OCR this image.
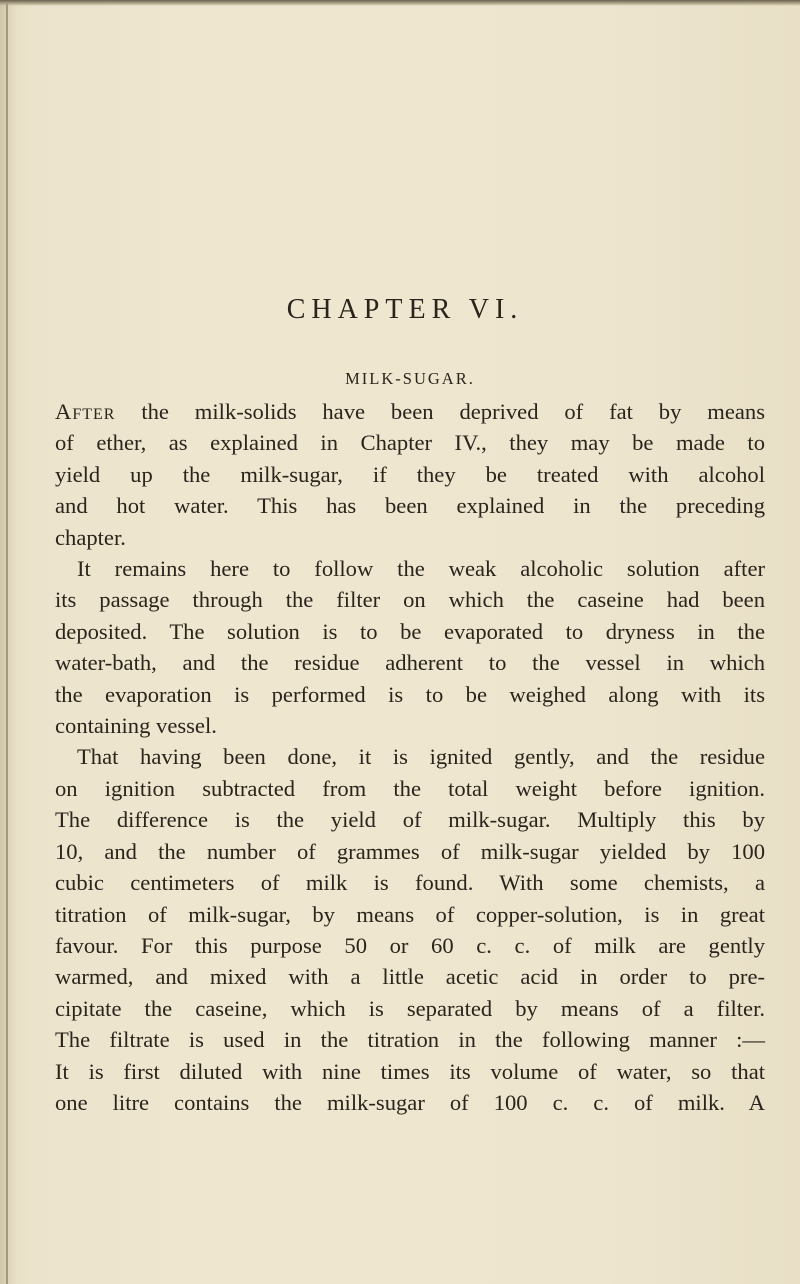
CHAPTER VI.
MILK-SUGAR.
After the milk-solids have been deprived of fat by means
of ether, as explained in Chapter IV., they may be made to
yield up the milk-sugar, if they be treated with alcohol
and hot water. This has been explained in the preceding
chapter.
It remains here to follow the weak alcoholic solution after
its passage through the filter on which the caseine had been
deposited. The solution is to be evaporated to dryness in the
water-bath, and the residue adherent to the vessel in which
the evaporation is performed is to be weighed along with its
containing vessel.
That having been done, it is ignited gently, and the residue
on ignition subtracted from the total weight before ignition.
The difference is the yield of milk-sugar. Multiply this by
10, and the number of grammes of milk-sugar yielded by 100
cubic centimeters of milk is found. With some chemists, a
titration of milk-sugar, by means of copper-solution, is in great
favour. For this purpose 50 or 60 c. c. of milk are gently
warmed, and mixed with a little acetic acid in order to pre-
cipitate the caseine, which is separated by means of a filter.
The filtrate is used in the titration in the following manner :—
It is first diluted with nine times its volume of water, so that
one litre contains the milk-sugar of 100 c. c. of milk. A
